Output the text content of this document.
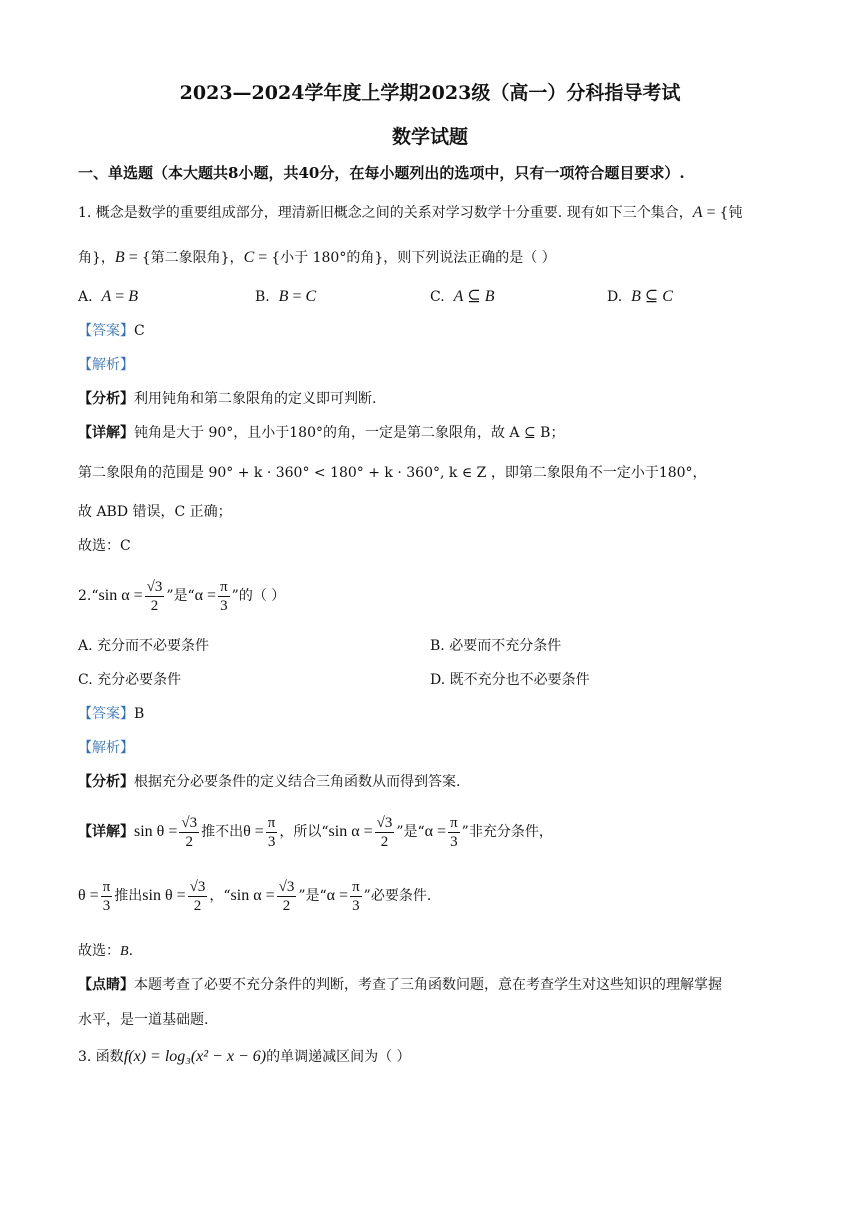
2023—2024学年度上学期2023级（高一）分科指导考试
数学试题
一、单选题（本大题共8小题，共40分，在每小题列出的选项中，只有一项符合题目要求）.
1. 概念是数学的重要组成部分，理清新旧概念之间的关系对学习数学十分重要. 现有如下三个集合，A = {钝
角}，B = {第二象限角}，C = {小于 180°的角}，则下列说法正确的是（ ）
A. A = B	B. B = C	C. A ⊆ B	D. B ⊆ C
【答案】C
【解析】
【分析】利用钝角和第二象限角的定义即可判断.
【详解】钝角是大于 90°，且小于180°的角，一定是第二象限角，故 A ⊆ B；
第二象限角的范围是 90° + k · 360° < 180° + k · 360°, k ∈ Z ，即第二象限角不一定小于180°，
故 ABD 错误，C 正确；
故选：C
2.“sin $\alpha = \frac{√3}{2}$ ”是“$\alpha = \frac{\pi}{3}$ ”的（ ）
A. 充分而不必要条件	B. 必要而不充分条件
C. 充分必要条件	D. 既不充分也不必要条件
【答案】B
【解析】
【分析】根据充分必要条件的定义结合三角函数从而得到答案.
【详解】$\sin \theta = \frac{√3}{2}$ 推不出$\theta = \frac{\pi}{3}$ ，所以“sin $\alpha = \frac{√3}{2}$ ”是“$\alpha = \frac{\pi}{3}$ ”非充分条件，
$\theta = \frac{\pi}{3}$ 推出$\sin \theta = \frac{√3}{2}$ ，“sin $\alpha = \frac{√3}{2}$ ”是“$\alpha = \frac{\pi}{3}$ ”必要条件.
故选：B.
【点睛】本题考查了必要不充分条件的判断，考查了三角函数问题，意在考查学生对这些知识的理解掌握
水平，是一道基础题.
3. 函数f(x) = log₃(x² − x − 6)的单调递减区间为（ ）
